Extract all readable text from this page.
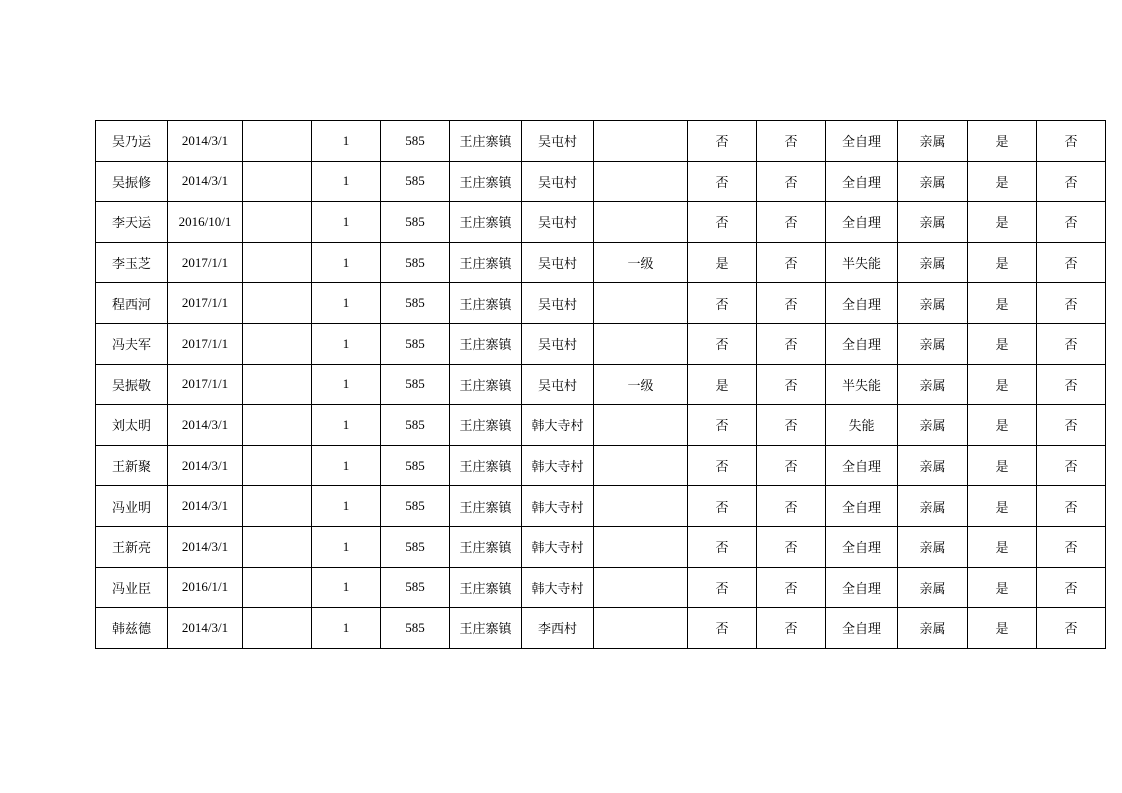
吴乃运	2014/3/1		1	585	王庄寨镇	吴屯村		否	否	全自理	亲属	是	否
吴振修	2014/3/1		1	585	王庄寨镇	吴屯村		否	否	全自理	亲属	是	否
李天运	2016/10/1		1	585	王庄寨镇	吴屯村		否	否	全自理	亲属	是	否
李玉芝	2017/1/1		1	585	王庄寨镇	吴屯村	一级	是	否	半失能	亲属	是	否
程西河	2017/1/1		1	585	王庄寨镇	吴屯村		否	否	全自理	亲属	是	否
冯夫军	2017/1/1		1	585	王庄寨镇	吴屯村		否	否	全自理	亲属	是	否
吴振敬	2017/1/1		1	585	王庄寨镇	吴屯村	一级	是	否	半失能	亲属	是	否
刘太明	2014/3/1		1	585	王庄寨镇	韩大寺村		否	否	失能	亲属	是	否
王新聚	2014/3/1		1	585	王庄寨镇	韩大寺村		否	否	全自理	亲属	是	否
冯业明	2014/3/1		1	585	王庄寨镇	韩大寺村		否	否	全自理	亲属	是	否
王新亮	2014/3/1		1	585	王庄寨镇	韩大寺村		否	否	全自理	亲属	是	否
冯业臣	2016/1/1		1	585	王庄寨镇	韩大寺村		否	否	全自理	亲属	是	否
韩兹德	2014/3/1		1	585	王庄寨镇	李西村		否	否	全自理	亲属	是	否
